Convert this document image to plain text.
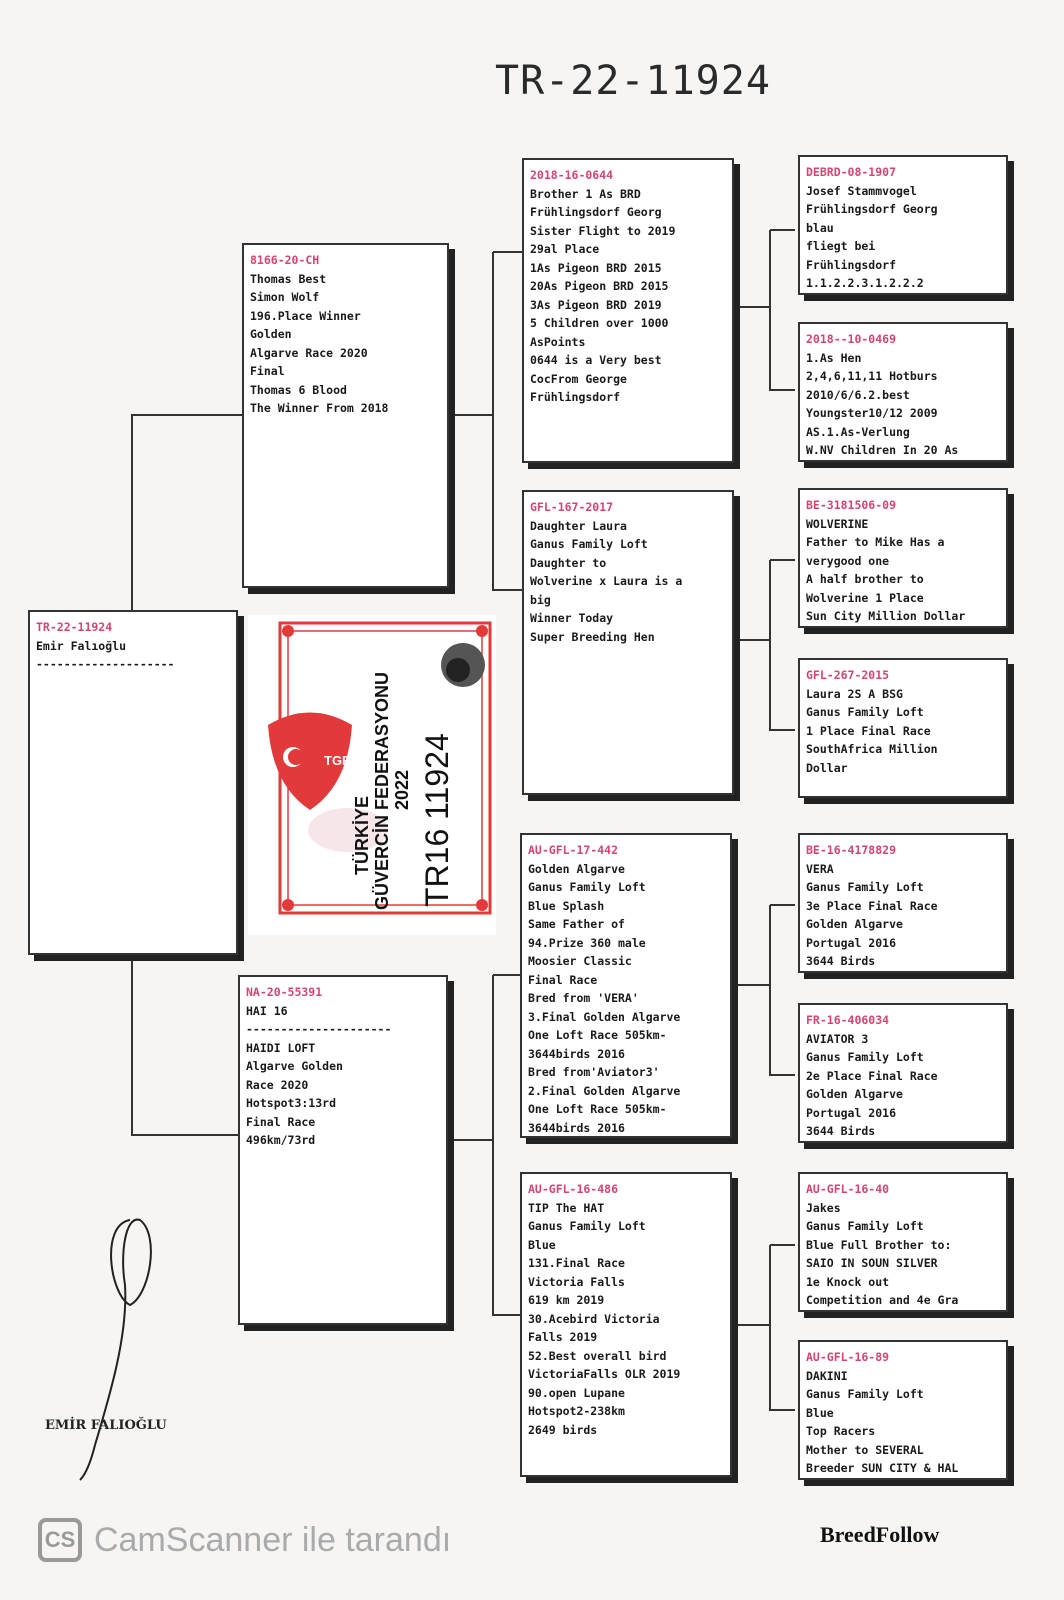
TR-22-11924
TR-22-11924
Emir Falıoğlu
--------------------
8166-20-CH
Thomas Best
Simon Wolf
196.Place Winner
Golden
Algarve Race 2020
Final
Thomas 6 Blood
The Winner From 2018
NA-20-55391
HAI 16
---------------------
HAIDI LOFT
Algarve Golden
Race 2020
Hotspot3:13rd
Final Race
496km/73rd
2018-16-0644
Brother 1 As BRD
Frühlingsdorf Georg
Sister Flight to 2019
29al Place
1As Pigeon BRD 2015
20As Pigeon BRD 2015
3As Pigeon BRD 2019
5 Children over 1000
AsPoints
0644 is a Very best
CocFrom George
Frühlingsdorf
GFL-167-2017
Daughter Laura
Ganus Family Loft
Daughter to
Wolverine x Laura is a
big
Winner Today
Super Breeding Hen
AU-GFL-17-442
Golden Algarve
Ganus Family Loft
Blue Splash
Same Father of
94.Prize 360 male
Moosier Classic
Final Race
Bred from 'VERA'
3.Final Golden Algarve
One Loft Race 505km-
3644birds 2016
Bred from'Aviator3'
2.Final Golden Algarve
One Loft Race 505km-
3644birds 2016
AU-GFL-16-486
TIP The HAT
Ganus Family Loft
Blue
131.Final Race
Victoria Falls
619 km 2019
30.Acebird Victoria
Falls 2019
52.Best overall bird
VictoriaFalls OLR 2019
90.open Lupane
Hotspot2-238km
2649 birds
DEBRD-08-1907
Josef Stammvogel
Frühlingsdorf Georg
blau
fliegt bei
Frühlingsdorf
1.1.2.2.3.1.2.2.2
2018--10-0469
1.As Hen
2,4,6,11,11 Hotburs
2010/6/6.2.best
Youngster10/12 2009
AS.1.As-Verlung
W.NV Children In 20 As
BE-3181506-09
WOLVERINE
Father to Mike Has a
verygood one
A half brother to
Wolverine 1 Place
Sun City Million Dollar
GFL-267-2015
Laura 2S A BSG
Ganus Family Loft
1 Place Final Race
SouthAfrica Million
Dollar
BE-16-4178829
VERA
Ganus Family Loft
3e Place Final Race
Golden Algarve
Portugal 2016
3644 Birds
FR-16-406034
AVIATOR 3
Ganus Family Loft
2e Place Final Race
Golden Algarve
Portugal 2016
3644 Birds
AU-GFL-16-40
Jakes
Ganus Family Loft
Blue Full Brother to:
SAIO IN SOUN SILVER
1e Knock out
Competition and 4e Gra
AU-GFL-16-89
DAKINI
Ganus Family Loft
Blue
Top Racers
Mother to SEVERAL
Breeder SUN CITY & HAL
TGF
TÜRKİYE GÜVERCİN FEDERASYONU 2022 TR16 11924
EMİR FALIOĞLU
CS CamScanner ile tarandı	BreedFollow
